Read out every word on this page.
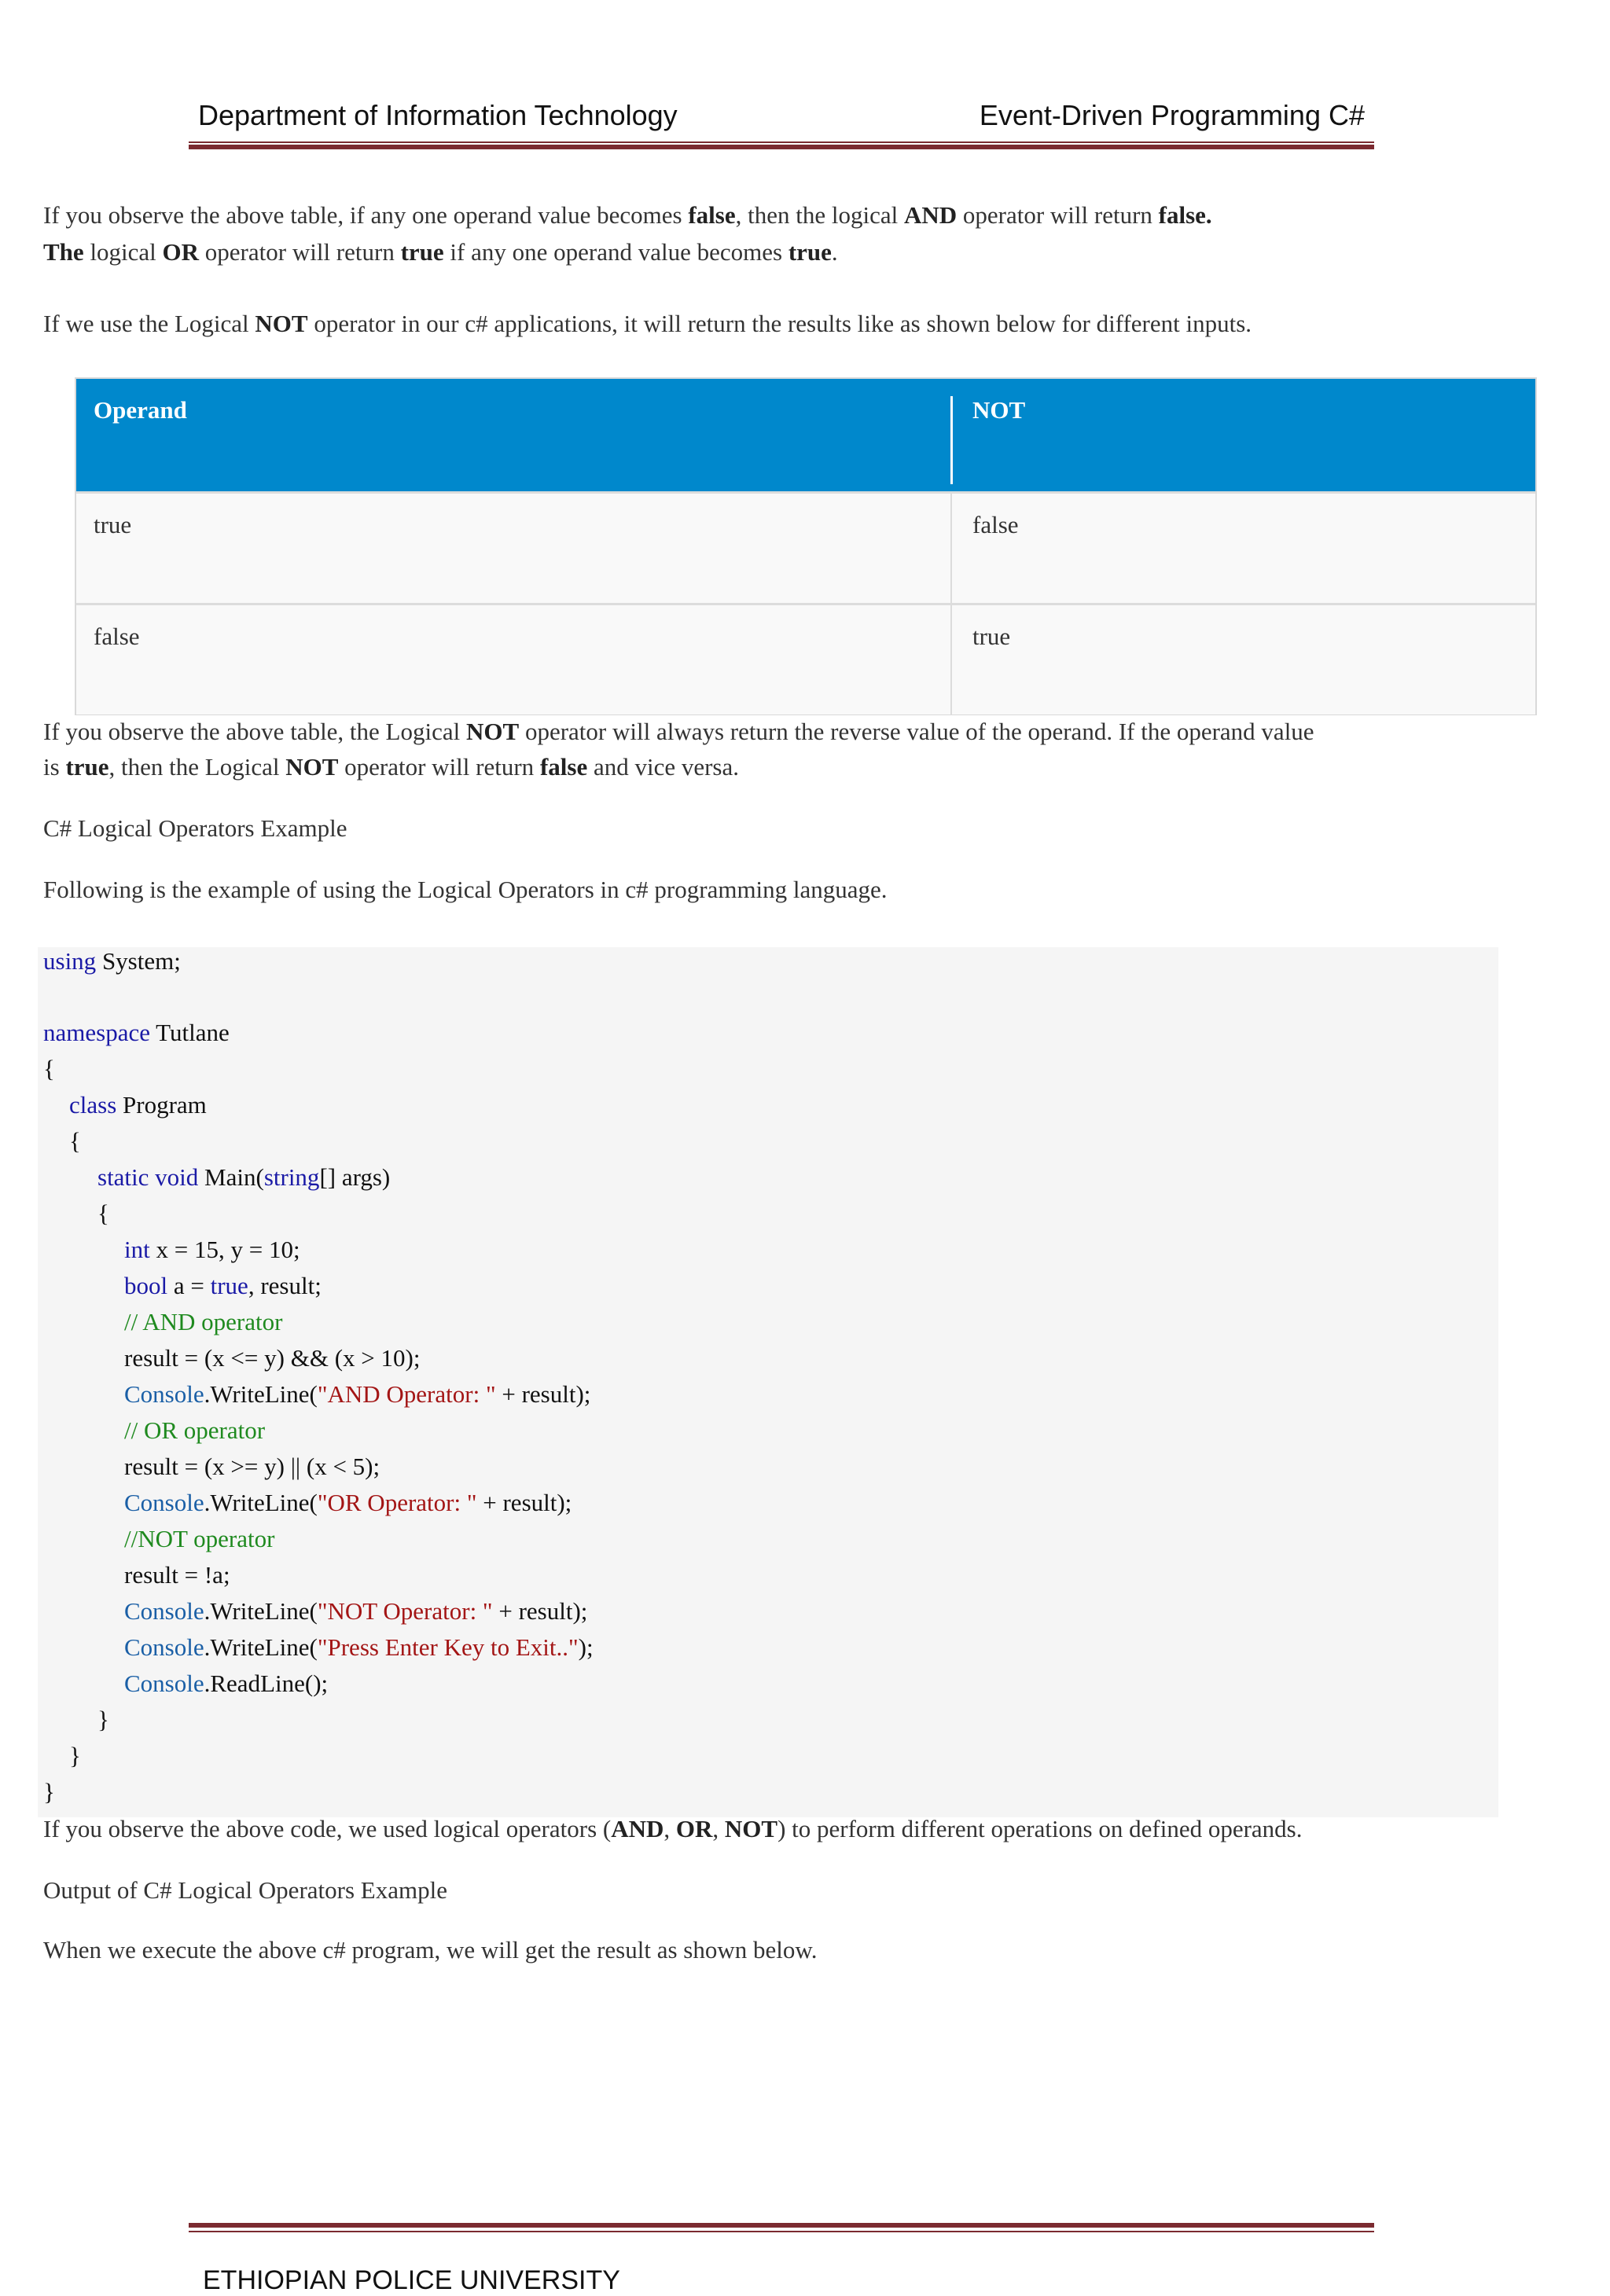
Department of Information Technology	Event-Driven Programming C#
If you observe the above table, if any one operand value becomes false, then the logical AND operator will return false.
The logical OR operator will return true if any one operand value becomes true.
If we use the Logical NOT operator in our c# applications, it will return the results like as shown below for different inputs.
Operand	NOT
true	false
false	true
If you observe the above table, the Logical NOT operator will always return the reverse value of the operand. If the operand value
is true, then the Logical NOT operator will return false and vice versa.
C# Logical Operators Example
Following is the example of using the Logical Operators in c# programming language.
using System;
namespace Tutlane
{
class Program
{
static void Main(string[] args)
{
int x = 15, y = 10;
bool a = true, result;
// AND operator
result = (x <= y) && (x > 10);
Console.WriteLine("AND Operator: " + result);
// OR operator
result = (x >= y) || (x < 5);
Console.WriteLine("OR Operator: " + result);
//NOT operator
result = !a;
Console.WriteLine("NOT Operator: " + result);
Console.WriteLine("Press Enter Key to Exit..");
Console.ReadLine();
}
}
}
If you observe the above code, we used logical operators (AND, OR, NOT) to perform different operations on defined operands.
Output of C# Logical Operators Example
When we execute the above c# program, we will get the result as shown below.
ETHIOPIAN POLICE UNIVERSITY
